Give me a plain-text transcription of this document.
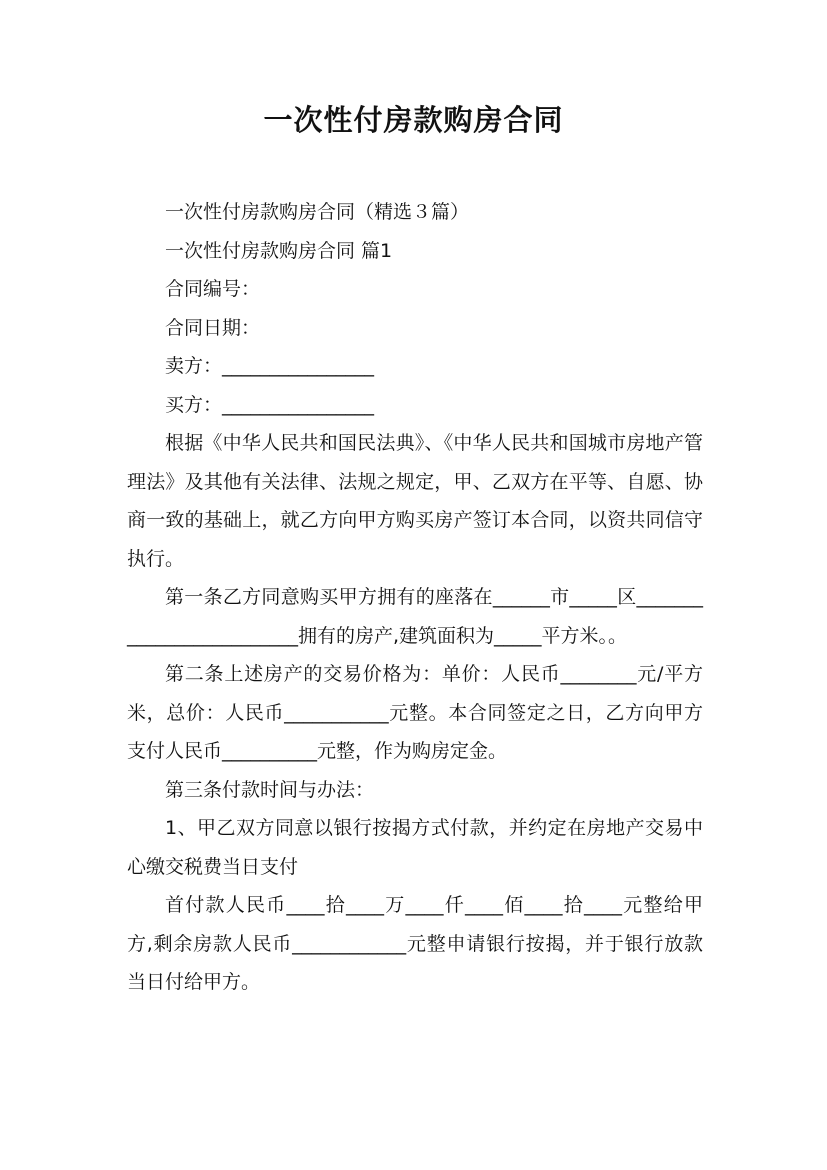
一次性付房款购房合同

一次性付房款购房合同（精选３篇）

一次性付房款购房合同 篇1

合同编号：

合同日期：

卖方：________________

买方：________________

根据《中华人民共和国民法典》、《中华人民共和国城市房地产管理法》及其他有关法律、法规之规定，甲、乙双方在平等、自愿、协商一致的基础上，就乙方向甲方购买房产签订本合同，以资共同信守执行。

第一条乙方同意购买甲方拥有的座落在______市_____区_________________________拥有的房产,建筑面积为_____平方米。。

第二条上述房产的交易价格为：单价：人民币________元/平方米，总价：人民币___________元整。本合同签定之日，乙方向甲方支付人民币__________元整，作为购房定金。

第三条付款时间与办法：

1、甲乙双方同意以银行按揭方式付款，并约定在房地产交易中心缴交税费当日支付

首付款人民币____拾____万____仟____佰____拾____元整给甲方,剩余房款人民币____________元整申请银行按揭，并于银行放款当日付给甲方。
